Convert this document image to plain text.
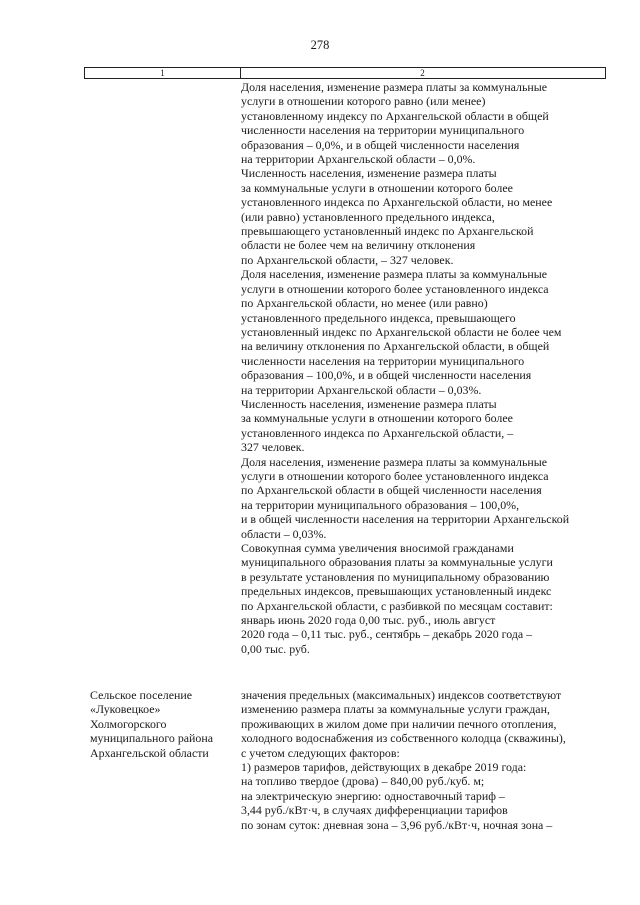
278
1	2
Доля населения, изменение размера платы за коммунальные
услуги в отношении которого равно (или менее)
установленному индексу по Архангельской области в общей
численности населения на территории муниципального
образования – 0,0%, и в общей численности населения
на территории Архангельской области – 0,0%.
Численность населения, изменение размера платы
за коммунальные услуги в отношении которого более
установленного индекса по Архангельской области, но менее
(или равно) установленного предельного индекса,
превышающего установленный индекс по Архангельской
области не более чем на величину отклонения
по Архангельской области, – 327 человек.
Доля населения, изменение размера платы за коммунальные
услуги в отношении которого более установленного индекса
по Архангельской области, но менее (или равно)
установленного предельного индекса, превышающего
установленный индекс по Архангельской области не более чем
на величину отклонения по Архангельской области, в общей
численности населения на территории муниципального
образования – 100,0%, и в общей численности населения
на территории Архангельской области – 0,03%.
Численность населения, изменение размера платы
за коммунальные услуги в отношении которого более
установленного индекса по Архангельской области, –
327 человек.
Доля населения, изменение размера платы за коммунальные
услуги в отношении которого более установленного индекса
по Архангельской области в общей численности населения
на территории муниципального образования – 100,0%,
и в общей численности населения на территории Архангельской
области – 0,03%.
Совокупная сумма увеличения вносимой гражданами
муниципального образования платы за коммунальные услуги
в результате установления по муниципальному образованию
предельных индексов, превышающих установленный индекс
по Архангельской области, с разбивкой по месяцам составит:
январь июнь 2020 года 0,00 тыс. руб., июль август
2020 года – 0,11 тыс. руб., сентябрь – декабрь 2020 года –
0,00 тыс. руб.
Сельское поселение
«Луковецкое»
Холмогорского
муниципального района
Архангельской области
значения предельных (максимальных) индексов соответствуют
изменению размера платы за коммунальные услуги граждан,
проживающих в жилом доме при наличии печного отопления,
холодного водоснабжения из собственного колодца (скважины),
с учетом следующих факторов:
1) размеров тарифов, действующих в декабре 2019 года:
на топливо твердое (дрова) – 840,00 руб./куб. м;
на электрическую энергию: одноставочный тариф –
3,44 руб./кВт·ч, в случаях дифференциации тарифов
по зонам суток: дневная зона – 3,96 руб./кВт·ч, ночная зона –
